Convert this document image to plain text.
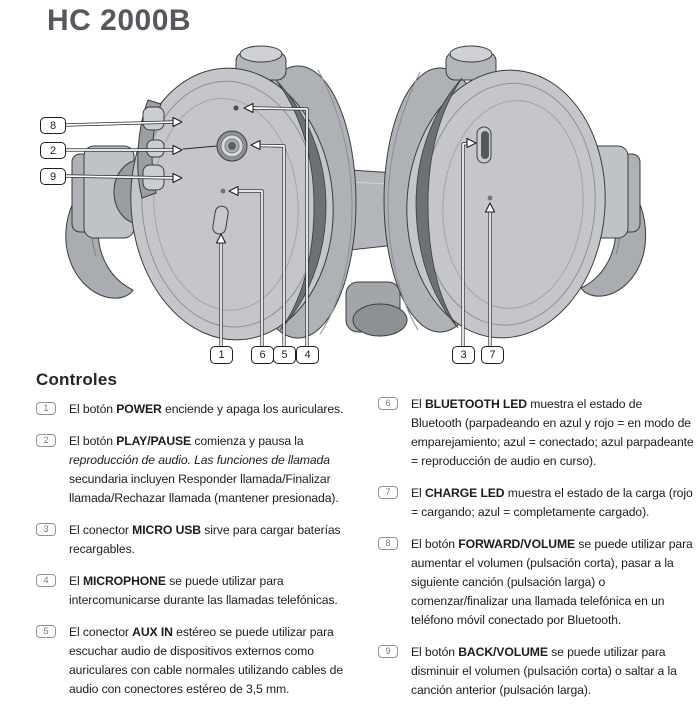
HC 2000B
8
2
9
1	6	5	4	3	7
Controles
1	El botón POWER enciende y apaga los auriculares.

2	El botón PLAY/PAUSE comienza y pausa la reproducción de audio. Las funciones de llamada secundaria incluyen Responder llamada/Finalizar llamada/Rechazar llamada (mantener presionada).

3	El conector MICRO USB sirve para cargar baterías recargables.

4	El MICROPHONE se puede utilizar para intercomunicarse durante las llamadas telefónicas.

5	El conector AUX IN estéreo se puede utilizar para escuchar audio de dispositivos externos como auriculares con cable normales utilizando cables de audio con conectores estéreo de 3,5 mm.

6	El BLUETOOTH LED muestra el estado de Bluetooth (parpadeando en azul y rojo = en modo de emparejamiento; azul = conectado; azul parpadeante = reproducción de audio en curso).

7	El CHARGE LED muestra el estado de la carga (rojo = cargando; azul = completamente cargado).

8	El botón FORWARD/VOLUME se puede utilizar para aumentar el volumen (pulsación corta), pasar a la siguiente canción (pulsación larga) o comenzar/finalizar una llamada telefónica en un teléfono móvil conectado por Bluetooth.

9	El botón BACK/VOLUME se puede utilizar para disminuir el volumen (pulsación corta) o saltar a la canción anterior (pulsación larga).
